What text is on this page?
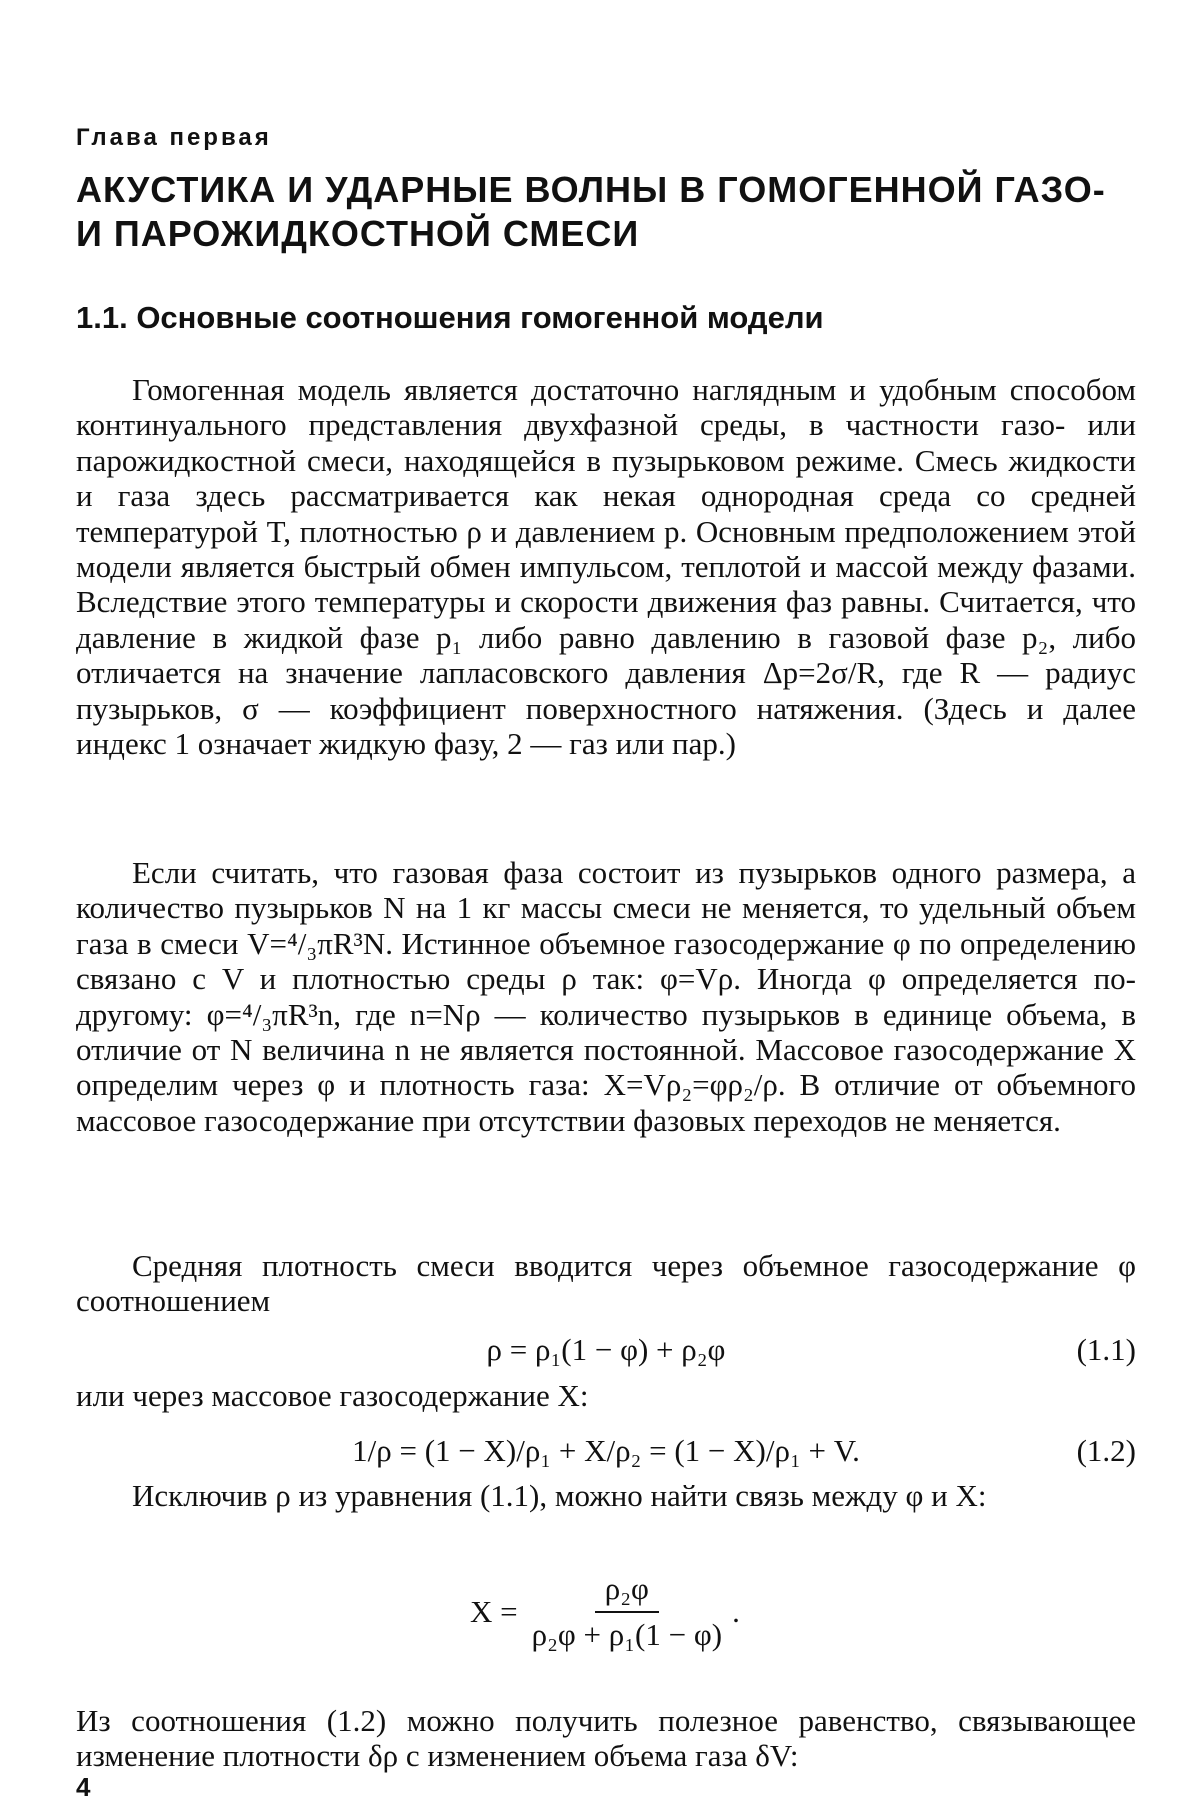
Глава первая
АКУСТИКА И УДАРНЫЕ ВОЛНЫ В ГОМОГЕННОЙ ГАЗО- И ПАРОЖИДКОСТНОЙ СМЕСИ
1.1. Основные соотношения гомогенной модели
Гомогенная модель является достаточно наглядным и удобным способом континуального представления двухфазной среды, в частности газо- или парожидкостной смеси, находящейся в пузырьковом режиме. Смесь жидкости и газа здесь рассматривается как некая однородная среда со средней температурой T, плотностью ρ и давлением p. Основным предположением этой модели является быстрый обмен импульсом, теплотой и массой между фазами. Вследствие этого температуры и скорости движения фаз равны. Считается, что давление в жидкой фазе p₁ либо равно давлению в газовой фазе p₂, либо отличается на значение лапласовского давления Δp=2σ/R, где R — радиус пузырьков, σ — коэффициент поверхностного натяжения. (Здесь и далее индекс 1 означает жидкую фазу, 2 — газ или пар.)
Если считать, что газовая фаза состоит из пузырьков одного размера, а количество пузырьков N на 1 кг массы смеси не меняется, то удельный объем газа в смеси V=⁴/₃πR³N. Истинное объемное газосодержание φ по определению связано с V и плотностью среды ρ так: φ=Vρ. Иногда φ определяется по-другому: φ=⁴/₃πR³n, где n=Nρ — количество пузырьков в единице объема, в отличие от N величина n не является постоянной. Массовое газосодержание X определим через φ и плотность газа: X=Vρ₂=φρ₂/ρ. В отличие от объемного массовое газосодержание при отсутствии фазовых переходов не меняется.
Средняя плотность смеси вводится через объемное газосодержание φ соотношением
ρ = ρ₁(1 − φ) + ρ₂φ	(1.1)
или через массовое газосодержание X:
1/ρ = (1 − X)/ρ₁ + X/ρ₂ = (1 − X)/ρ₁ + V.	(1.2)
Исключив ρ из уравнения (1.1), можно найти связь между φ и X:
$X = \frac{\text{ρ₂φ}}{\text{ρ₂φ + ρ₁(1 − φ)}}$ .
Из соотношения (1.2) можно получить полезное равенство, связывающее изменение плотности δρ с изменением объема газа δV:
4
